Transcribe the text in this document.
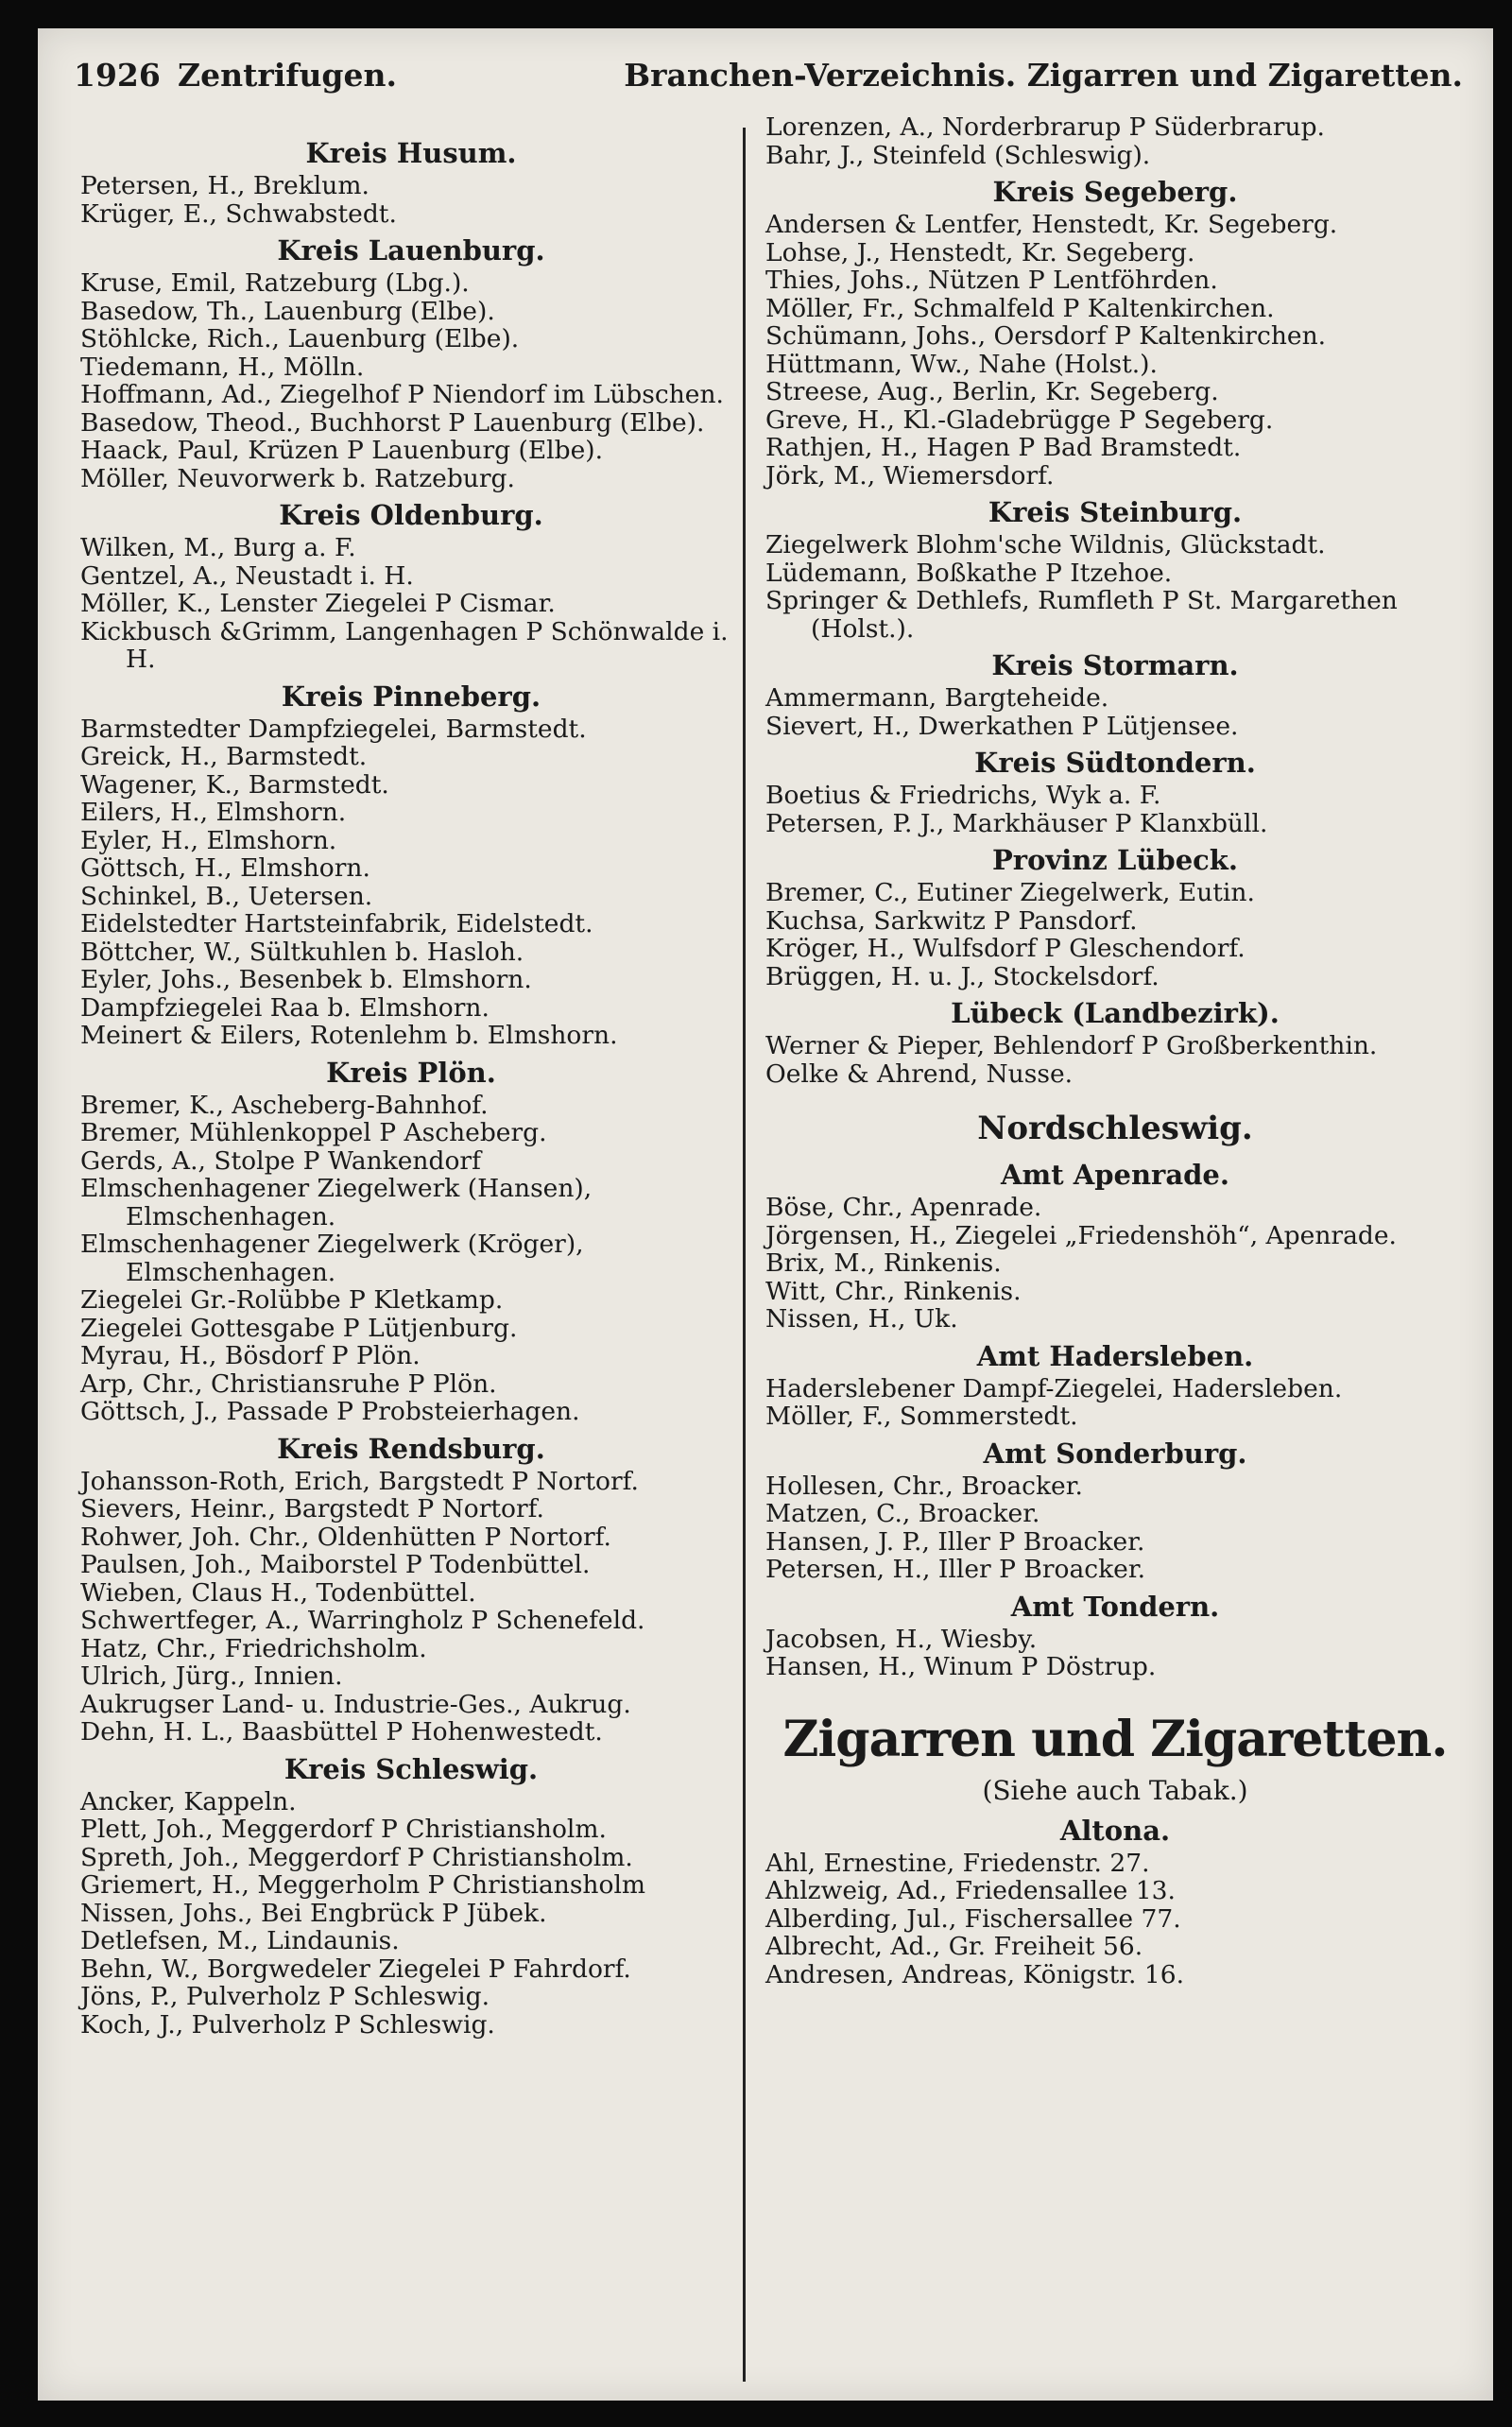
1926 Zentrifugen.	Branchen-Verzeichnis. Zigarren und Zigaretten.
Kreis Husum.
Petersen, H., Breklum.
Krüger, E., Schwabstedt.
Kreis Lauenburg.
Kruse, Emil, Ratzeburg (Lbg.).
Basedow, Th., Lauenburg (Elbe).
Stöhlcke, Rich., Lauenburg (Elbe).
Tiedemann, H., Mölln.
Hoffmann, Ad., Ziegelhof P Niendorf im Lübschen.
Basedow, Theod., Buchhorst P Lauenburg (Elbe).
Haack, Paul, Krüzen P Lauenburg (Elbe).
Möller, Neuvorwerk b. Ratzeburg.
Kreis Oldenburg.
Wilken, M., Burg a. F.
Gentzel, A., Neustadt i. H.
Möller, K., Lenster Ziegelei P Cismar.
Kickbusch &Grimm, Langenhagen P Schönwalde i. H.
Kreis Pinneberg.
Barmstedter Dampfziegelei, Barmstedt.
Greick, H., Barmstedt.
Wagener, K., Barmstedt.
Eilers, H., Elmshorn.
Eyler, H., Elmshorn.
Göttsch, H., Elmshorn.
Schinkel, B., Uetersen.
Eidelstedter Hartsteinfabrik, Eidelstedt.
Böttcher, W., Sültkuhlen b. Hasloh.
Eyler, Johs., Besenbek b. Elmshorn.
Dampfziegelei Raa b. Elmshorn.
Meinert & Eilers, Rotenlehm b. Elmshorn.
Kreis Plön.
Bremer, K., Ascheberg-Bahnhof.
Bremer, Mühlenkoppel P Ascheberg.
Gerds, A., Stolpe P Wankendorf
Elmschenhagener Ziegelwerk (Hansen), Elmschenhagen.
Elmschenhagener Ziegelwerk (Kröger), Elmschenhagen.
Ziegelei Gr.-Rolübbe P Kletkamp.
Ziegelei Gottesgabe P Lütjenburg.
Myrau, H., Bösdorf P Plön.
Arp, Chr., Christiansruhe P Plön.
Göttsch, J., Passade P Probsteierhagen.
Kreis Rendsburg.
Johansson-Roth, Erich, Bargstedt P Nortorf.
Sievers, Heinr., Bargstedt P Nortorf.
Rohwer, Joh. Chr., Oldenhütten P Nortorf.
Paulsen, Joh., Maiborstel P Todenbüttel.
Wieben, Claus H., Todenbüttel.
Schwertfeger, A., Warringholz P Schenefeld.
Hatz, Chr., Friedrichsholm.
Ulrich, Jürg., Innien.
Aukrugser Land- u. Industrie-Ges., Aukrug.
Dehn, H. L., Baasbüttel P Hohenwestedt.
Kreis Schleswig.
Ancker, Kappeln.
Plett, Joh., Meggerdorf P Christiansholm.
Spreth, Joh., Meggerdorf P Christiansholm.
Griemert, H., Meggerholm P Christiansholm
Nissen, Johs., Bei Engbrück P Jübek.
Detlefsen, M., Lindaunis.
Behn, W., Borgwedeler Ziegelei P Fahrdorf.
Jöns, P., Pulverholz P Schleswig.
Koch, J., Pulverholz P Schleswig.
Lorenzen, A., Norderbrarup P Süderbrarup.
Bahr, J., Steinfeld (Schleswig).
Kreis Segeberg.
Andersen & Lentfer, Henstedt, Kr. Segeberg.
Lohse, J., Henstedt, Kr. Segeberg.
Thies, Johs., Nützen P Lentföhrden.
Möller, Fr., Schmalfeld P Kaltenkirchen.
Schümann, Johs., Oersdorf P Kaltenkirchen.
Hüttmann, Ww., Nahe (Holst.).
Streese, Aug., Berlin, Kr. Segeberg.
Greve, H., Kl.-Gladebrügge P Segeberg.
Rathjen, H., Hagen P Bad Bramstedt.
Jörk, M., Wiemersdorf.
Kreis Steinburg.
Ziegelwerk Blohm'sche Wildnis, Glückstadt.
Lüdemann, Boßkathe P Itzehoe.
Springer & Dethlefs, Rumfleth P St. Margarethen (Holst.).
Kreis Stormarn.
Ammermann, Bargteheide.
Sievert, H., Dwerkathen P Lütjensee.
Kreis Südtondern.
Boetius & Friedrichs, Wyk a. F.
Petersen, P. J., Markhäuser P Klanxbüll.
Provinz Lübeck.
Bremer, C., Eutiner Ziegelwerk, Eutin.
Kuchsa, Sarkwitz P Pansdorf.
Kröger, H., Wulfsdorf P Gleschendorf.
Brüggen, H. u. J., Stockelsdorf.
Lübeck (Landbezirk).
Werner & Pieper, Behlendorf P Großberkenthin.
Oelke & Ahrend, Nusse.
Nordschleswig.
Amt Apenrade.
Böse, Chr., Apenrade.
Jörgensen, H., Ziegelei „Friedenshöh“, Apenrade.
Brix, M., Rinkenis.
Witt, Chr., Rinkenis.
Nissen, H., Uk.
Amt Hadersleben.
Haderslebener Dampf-Ziegelei, Hadersleben.
Möller, F., Sommerstedt.
Amt Sonderburg.
Hollesen, Chr., Broacker.
Matzen, C., Broacker.
Hansen, J. P., Iller P Broacker.
Petersen, H., Iller P Broacker.
Amt Tondern.
Jacobsen, H., Wiesby.
Hansen, H., Winum P Döstrup.
Zigarren und Zigaretten.
(Siehe auch Tabak.)
Altona.
Ahl, Ernestine, Friedenstr. 27.
Ahlzweig, Ad., Friedensallee 13.
Alberding, Jul., Fischersallee 77.
Albrecht, Ad., Gr. Freiheit 56.
Andresen, Andreas, Königstr. 16.
